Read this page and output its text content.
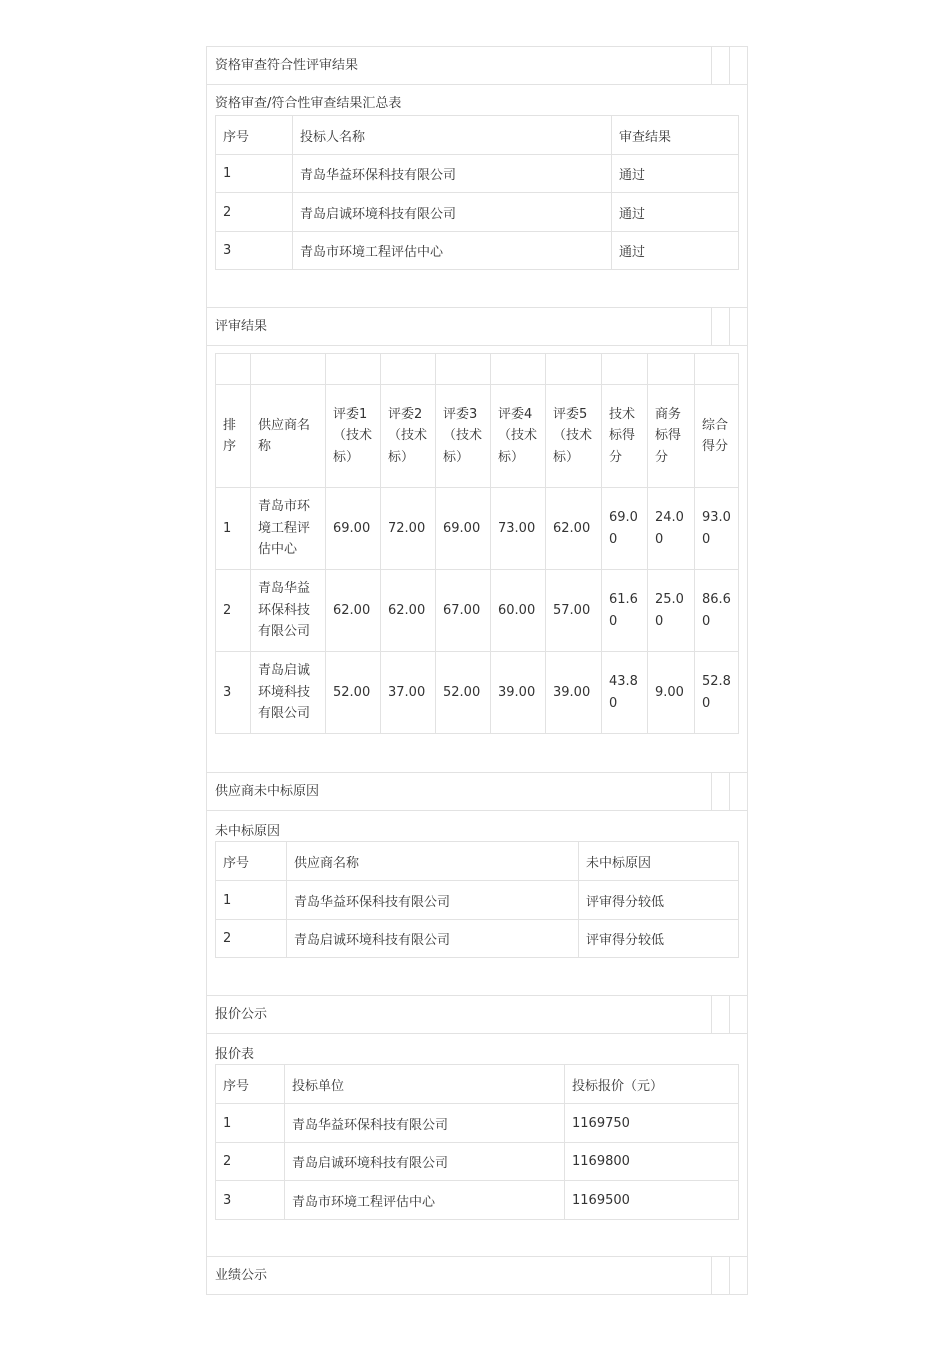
资格审查符合性评审结果
资格审查/符合性审查结果汇总表
序号	投标人名称	审查结果
1	青岛华益环保科技有限公司	通过
2	青岛启诚环境科技有限公司	通过
3	青岛市环境工程评估中心	通过
评审结果

排序	供应商名称	评委1（技术标）	评委2（技术标）	评委3（技术标）	评委4（技术标）	评委5（技术标）	技术标得分	商务标得分	综合得分
1	青岛市环境工程评估中心	69.00	72.00	69.00	73.00	62.00	69.00	24.00	93.00
2	青岛华益环保科技有限公司	62.00	62.00	67.00	60.00	57.00	61.60	25.00	86.60
3	青岛启诚环境科技有限公司	52.00	37.00	52.00	39.00	39.00	43.80	9.00	52.80
供应商未中标原因
未中标原因
序号	供应商名称	未中标原因
1	青岛华益环保科技有限公司	评审得分较低
2	青岛启诚环境科技有限公司	评审得分较低
报价公示
报价表
序号	投标单位	投标报价（元）
1	青岛华益环保科技有限公司	1169750
2	青岛启诚环境科技有限公司	1169800
3	青岛市环境工程评估中心	1169500
业绩公示
